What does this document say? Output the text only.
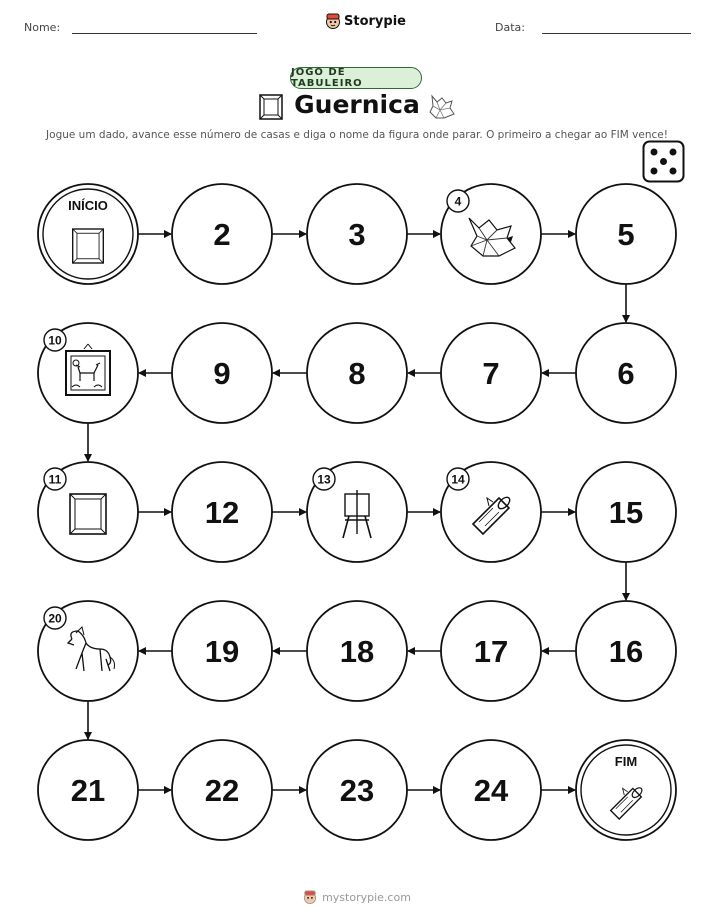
Nome:	Storypie	Data:
JOGO DE TABULEIRO
Guernica
Jogue um dado, avance esse número de casas e diga o nome da figura onde parar. O primeiro a chegar ao FIM vence!
INÍCIO
2	3
4
5
6
7
8
9
10
11
12
13	14
15
16
17
18
19
20
21	22	23	24
FIM
mystorypie.com
